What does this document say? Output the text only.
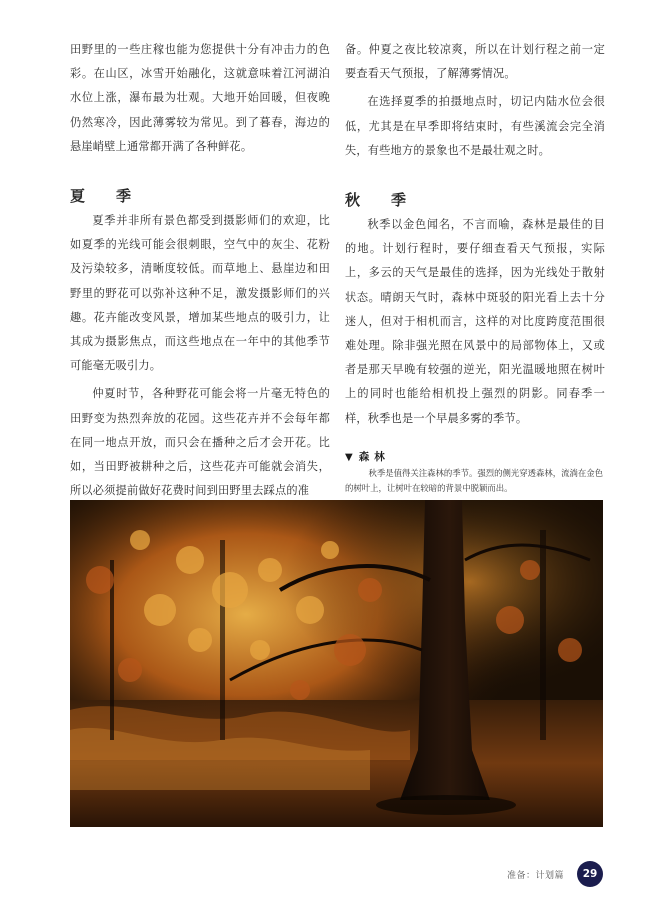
田野里的一些庄稼也能为您提供十分有冲击力的色彩。在山区，冰雪开始融化，这就意味着江河湖泊水位上涨，瀑布最为壮观。大地开始回暖，但夜晚仍然寒冷，因此薄雾较为常见。到了暮春，海边的悬崖峭壁上通常都开满了各种鲜花。

夏　季

夏季并非所有景色都受到摄影师们的欢迎，比如夏季的光线可能会很刺眼，空气中的灰尘、花粉及污染较多，清晰度较低。而草地上、悬崖边和田野里的野花可以弥补这种不足，激发摄影师们的兴趣。花卉能改变风景，增加某些地点的吸引力，让其成为摄影焦点，而这些地点在一年中的其他季节可能毫无吸引力。

仲夏时节，各种野花可能会将一片毫无特色的田野变为热烈奔放的花园。这些花卉并不会每年都在同一地点开放，而只会在播种之后才会开花。比如，当田野被耕种之后，这些花卉可能就会消失，所以必须提前做好花费时间到田野里去踩点的准

备。仲夏之夜比较凉爽，所以在计划行程之前一定要查看天气预报，了解薄雾情况。

在选择夏季的拍摄地点时，切记内陆水位会很低，尤其是在早季即将结束时，有些溪流会完全消失，有些地方的景象也不是最壮观之时。

秋　季

秋季以金色闻名，不言而喻，森林是最佳的目的地。计划行程时，要仔细查看天气预报，实际上，多云的天气是最佳的选择，因为光线处于散射状态。晴朗天气时，森林中斑驳的阳光看上去十分迷人，但对于相机而言，这样的对比度跨度范围很难处理。除非强光照在风景中的局部物体上，又或者是那天早晚有较强的逆光，阳光温暖地照在树叶上的同时也能给相机投上强烈的阴影。同春季一样，秋季也是一个早晨多雾的季节。

▼ 森林

秋季是值得关注森林的季节。强烈的侧光穿透森林，流淌在金色的树叶上，让树叶在较暗的背景中脱颖而出。

准备：计划篇	29
